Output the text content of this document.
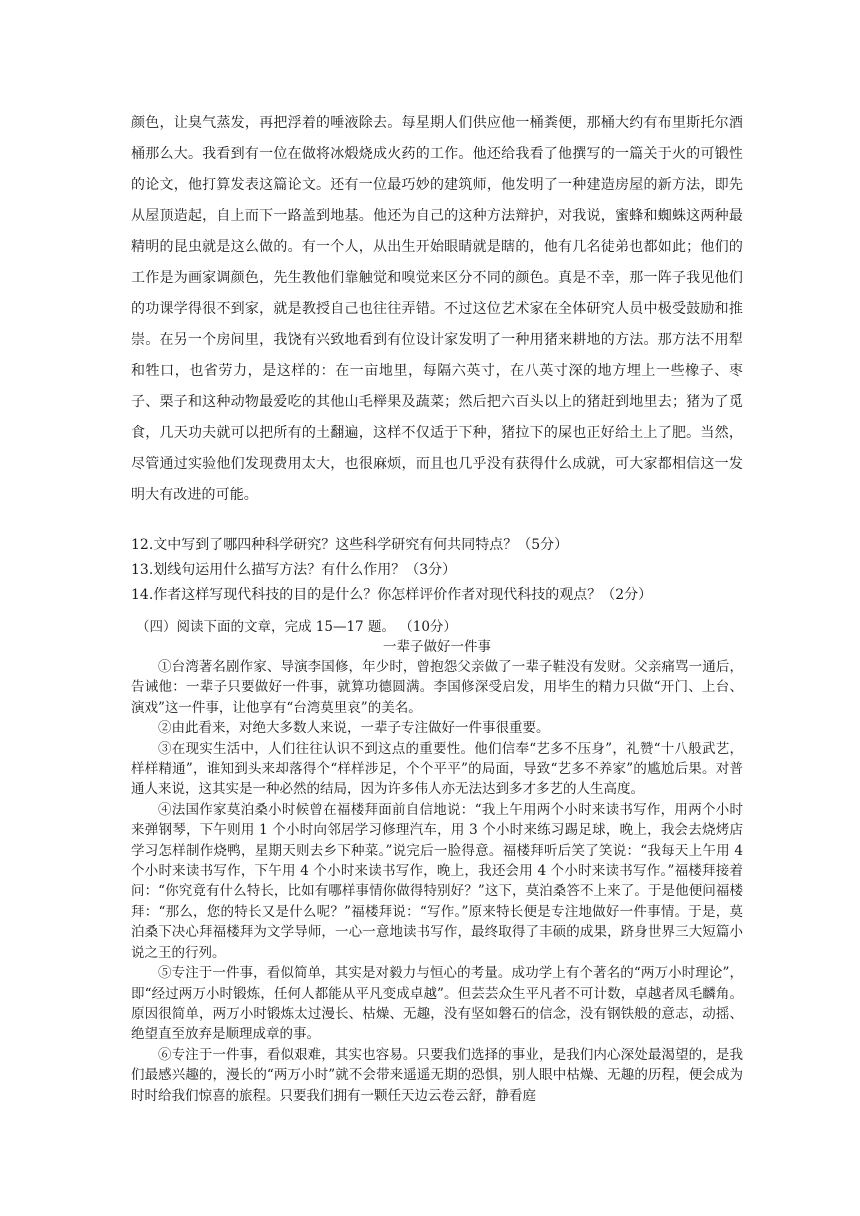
颜色，让臭气蒸发，再把浮着的唾液除去。每星期人们供应他一桶粪便，那桶大约有布里斯托尔酒桶那么大。我看到有一位在做将冰煅烧成火药的工作。他还给我看了他撰写的一篇关于火的可锻性的论文，他打算发表这篇论文。还有一位最巧妙的建筑师，他发明了一种建造房屋的新方法，即先从屋顶造起，自上而下一路盖到地基。他还为自己的这种方法辩护，对我说，蜜蜂和蜘蛛这两种最精明的昆虫就是这么做的。有一个人，从出生开始眼睛就是瞎的，他有几名徒弟也都如此；他们的工作是为画家调颜色，先生教他们靠触觉和嗅觉来区分不同的颜色。真是不幸，那一阵子我见他们的功课学得很不到家，就是教授自己也往往弄错。不过这位艺术家在全体研究人员中极受鼓励和推崇。在另一个房间里，我饶有兴致地看到有位设计家发明了一种用猪来耕地的方法。那方法不用犁和牲口，也省劳力，是这样的：在一亩地里，每隔六英寸，在八英寸深的地方埋上一些橡子、枣子、栗子和这种动物最爱吃的其他山毛榉果及蔬菜；然后把六百头以上的猪赶到地里去；猪为了觅食，几天功夫就可以把所有的土翻遍，这样不仅适于下种，猪拉下的屎也正好给土上了肥。当然，尽管通过实验他们发现费用太大，也很麻烦，而且也几乎没有获得什么成就，可大家都相信这一发明大有改进的可能。

12.文中写到了哪四种科学研究？这些科学研究有何共同特点？（5分）

13.划线句运用什么描写方法？有什么作用？（3分）

14.作者这样写现代科技的目的是什么？你怎样评价作者对现代科技的观点？（2分）

（四）阅读下面的文章，完成 15—17 题。 （10分）
一辈子做好一件事

①台湾著名剧作家、导演李国修，年少时，曾抱怨父亲做了一辈子鞋没有发财。父亲痛骂一通后，告诫他：一辈子只要做好一件事，就算功德圆满。李国修深受启发，用毕生的精力只做“开门、上台、演戏”这一件事，让他享有“台湾莫里哀”的美名。

②由此看来，对绝大多数人来说，一辈子专注做好一件事很重要。

③在现实生活中，人们往往认识不到这点的重要性。他们信奉“艺多不压身”，礼赞“十八般武艺，样样精通”，谁知到头来却落得个“样样涉足，个个平平”的局面，导致“艺多不养家”的尴尬后果。对普通人来说，这其实是一种必然的结局，因为许多伟人亦无法达到多才多艺的人生高度。

④法国作家莫泊桑小时候曾在福楼拜面前自信地说：“我上午用两个小时来读书写作，用两个小时来弹钢琴，下午则用 1 个小时向邻居学习修理汽车，用 3 个小时来练习踢足球，晚上，我会去烧烤店学习怎样制作烧鸭，星期天则去乡下种菜。”说完后一脸得意。福楼拜听后笑了笑说：“我每天上午用 4 个小时来读书写作，下午用 4 个小时来读书写作，晚上，我还会用 4 个小时来读书写作。”福楼拜接着问：“你究竟有什么特长，比如有哪样事情你做得特别好？”这下，莫泊桑答不上来了。于是他便问福楼拜：“那么，您的特长又是什么呢？”福楼拜说：“写作。”原来特长便是专注地做好一件事情。于是，莫泊桑下决心拜福楼拜为文学导师，一心一意地读书写作，最终取得了丰硕的成果，跻身世界三大短篇小说之王的行列。

⑤专注于一件事，看似简单，其实是对毅力与恒心的考量。成功学上有个著名的“两万小时理论”，即“经过两万小时锻炼，任何人都能从平凡变成卓越”。但芸芸众生平凡者不可计数，卓越者凤毛麟角。原因很简单，两万小时锻炼太过漫长、枯燥、无趣，没有坚如磐石的信念，没有钢铁般的意志，动摇、绝望直至放弃是顺理成章的事。

⑥专注于一件事，看似艰难，其实也容易。只要我们选择的事业，是我们内心深处最渴望的，是我们最感兴趣的，漫长的“两万小时”就不会带来遥遥无期的恐惧，别人眼中枯燥、无趣的历程，便会成为时时给我们惊喜的旅程。只要我们拥有一颗任天边云卷云舒，静看庭
